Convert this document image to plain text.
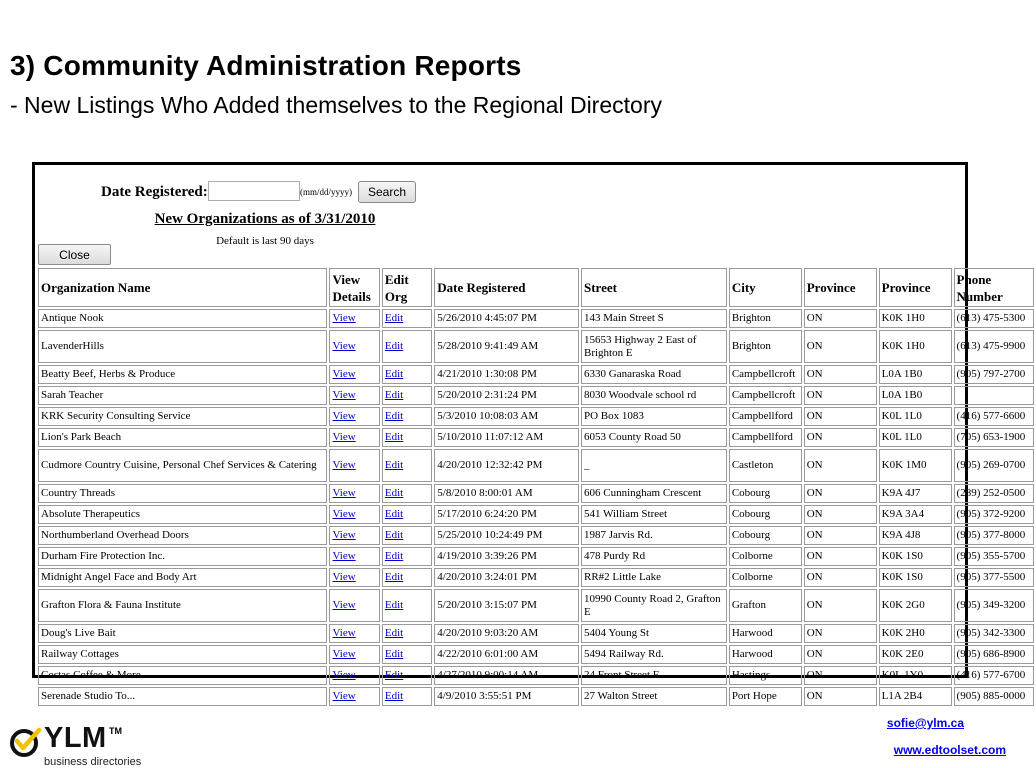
3) Community Administration Reports
- New Listings Who Added themselves to the Regional Directory
Date Registered:	(mm/dd/yyyy)	Search
New Organizations as of 3/31/2010
Default is last 90 days
Close
Organization Name	View Details	Edit Org	Date Registered	Street	City	Province	Province	Phone Number
Antique Nook	View	Edit	5/26/2010 4:45:07 PM	143 Main Street S	Brighton	ON	K0K 1H0	(613) 475-5300
LavenderHills	View	Edit	5/28/2010 9:41:49 AM	15653 Highway 2 East of Brighton E	Brighton	ON	K0K 1H0	(613) 475-9900
Beatty Beef, Herbs & Produce	View	Edit	4/21/2010 1:30:08 PM	6330 Ganaraska Road	Campbellcroft	ON	L0A 1B0	(905) 797-2700
Sarah Teacher	View	Edit	5/20/2010 2:31:24 PM	8030 Woodvale school rd	Campbellcroft	ON	L0A 1B0	
KRK Security Consulting Service	View	Edit	5/3/2010 10:08:03 AM	PO Box 1083	Campbellford	ON	K0L 1L0	(416) 577-6600
Lion's Park Beach	View	Edit	5/10/2010 11:07:12 AM	6053 County Road 50	Campbellford	ON	K0L 1L0	(705) 653-1900
Cudmore Country Cuisine, Personal Chef Services & Catering	View	Edit	4/20/2010 12:32:42 PM	_	Castleton	ON	K0K 1M0	(905) 269-0700
Country Threads	View	Edit	5/8/2010 8:00:01 AM	606 Cunningham Crescent	Cobourg	ON	K9A 4J7	(289) 252-0500
Absolute Therapeutics	View	Edit	5/17/2010 6:24:20 PM	541 William Street	Cobourg	ON	K9A 3A4	(905) 372-9200
Northumberland Overhead Doors	View	Edit	5/25/2010 10:24:49 PM	1987 Jarvis Rd.	Cobourg	ON	K9A 4J8	(905) 377-8000
Durham Fire Protection Inc.	View	Edit	4/19/2010 3:39:26 PM	478 Purdy Rd	Colborne	ON	K0K 1S0	(905) 355-5700
Midnight Angel Face and Body Art	View	Edit	4/20/2010 3:24:01 PM	RR#2 Little Lake	Colborne	ON	K0K 1S0	(905) 377-5500
Grafton Flora & Fauna Institute	View	Edit	5/20/2010 3:15:07 PM	10990 County Road 2, Grafton E	Grafton	ON	K0K 2G0	(905) 349-3200
Doug's Live Bait	View	Edit	4/20/2010 9:03:20 AM	5404 Young St	Harwood	ON	K0K 2H0	(905) 342-3300
Railway Cottages	View	Edit	4/22/2010 6:01:00 AM	5494 Railway Rd.	Harwood	ON	K0K 2E0	(905) 686-8900
Costas Coffee & More	View	Edit	4/27/2010 9:00:14 AM	24 Front Street E	Hastings	ON	K0L 1Y0	(416) 577-6700
Serenade Studio To...	View	Edit	4/9/2010 3:55:51 PM	27 Walton Street	Port Hope	ON	L1A 2B4	(905) 885-0000
YLM TM
business directories
sofie@ylm.ca
www.edtoolset.com
